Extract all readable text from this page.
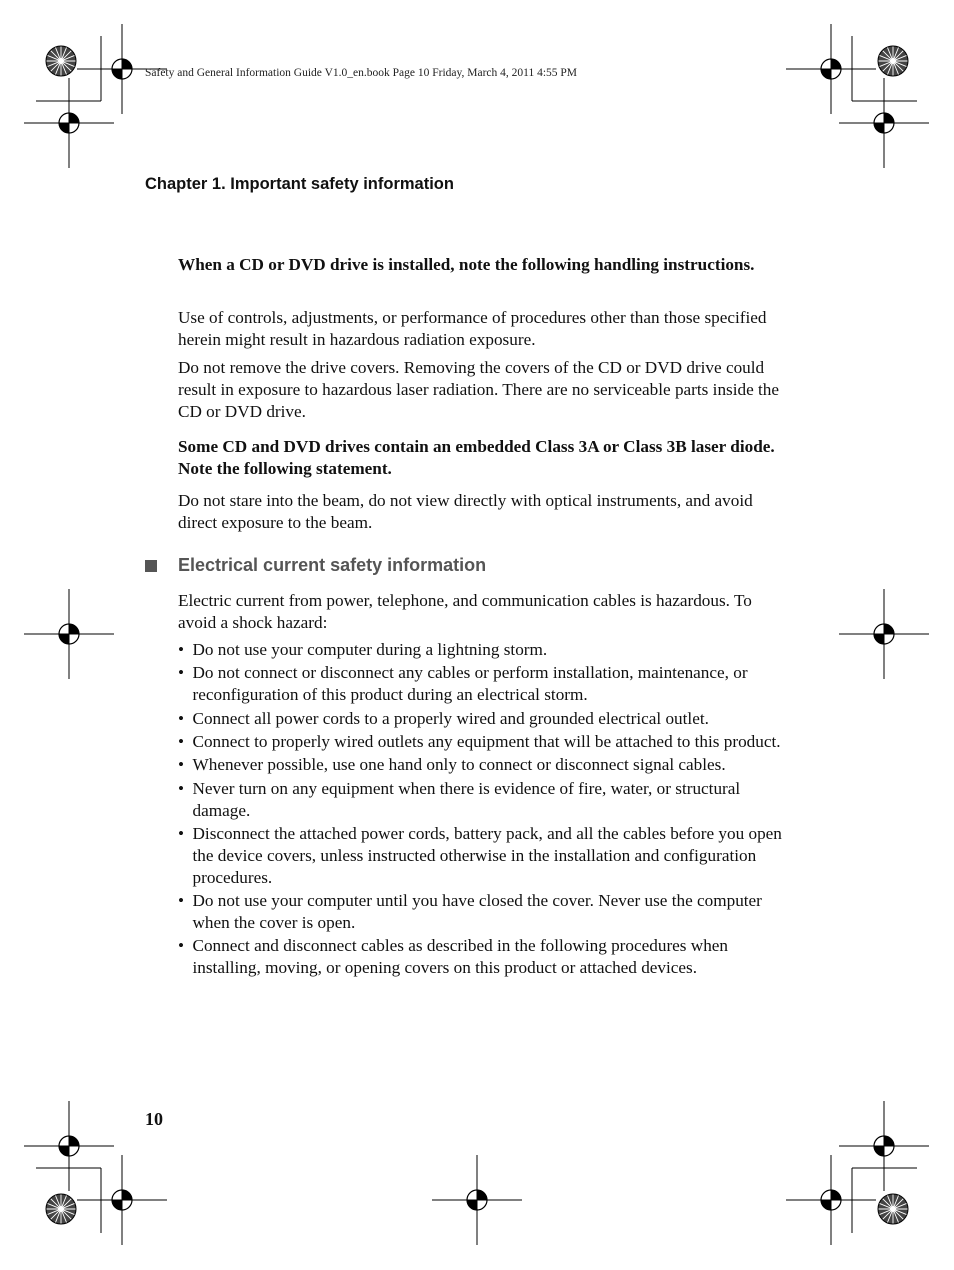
Safety and General Information Guide V1.0_en.book Page 10 Friday, March 4, 2011 4:55 PM
Chapter 1. Important safety information

When a CD or DVD drive is installed, note the following handling instructions.

Use of controls, adjustments, or performance of procedures other than those specified herein might result in hazardous radiation exposure.

Do not remove the drive covers. Removing the covers of the CD or DVD drive could result in exposure to hazardous laser radiation. There are no serviceable parts inside the CD or DVD drive.

Some CD and DVD drives contain an embedded Class 3A or Class 3B laser diode. Note the following statement.

Do not stare into the beam, do not view directly with optical instruments, and avoid direct exposure to the beam.

Electrical current safety information

Electric current from power, telephone, and communication cables is hazardous. To avoid a shock hazard:

• Do not use your computer during a lightning storm.
• Do not connect or disconnect any cables or perform installation, maintenance, or reconfiguration of this product during an electrical storm.
• Connect all power cords to a properly wired and grounded electrical outlet.
• Connect to properly wired outlets any equipment that will be attached to this product.
• Whenever possible, use one hand only to connect or disconnect signal cables.
• Never turn on any equipment when there is evidence of fire, water, or structural damage.
• Disconnect the attached power cords, battery pack, and all the cables before you open the device covers, unless instructed otherwise in the installation and configuration procedures.
• Do not use your computer until you have closed the cover. Never use the computer when the cover is open.
• Connect and disconnect cables as described in the following procedures when installing, moving, or opening covers on this product or attached devices.
10
